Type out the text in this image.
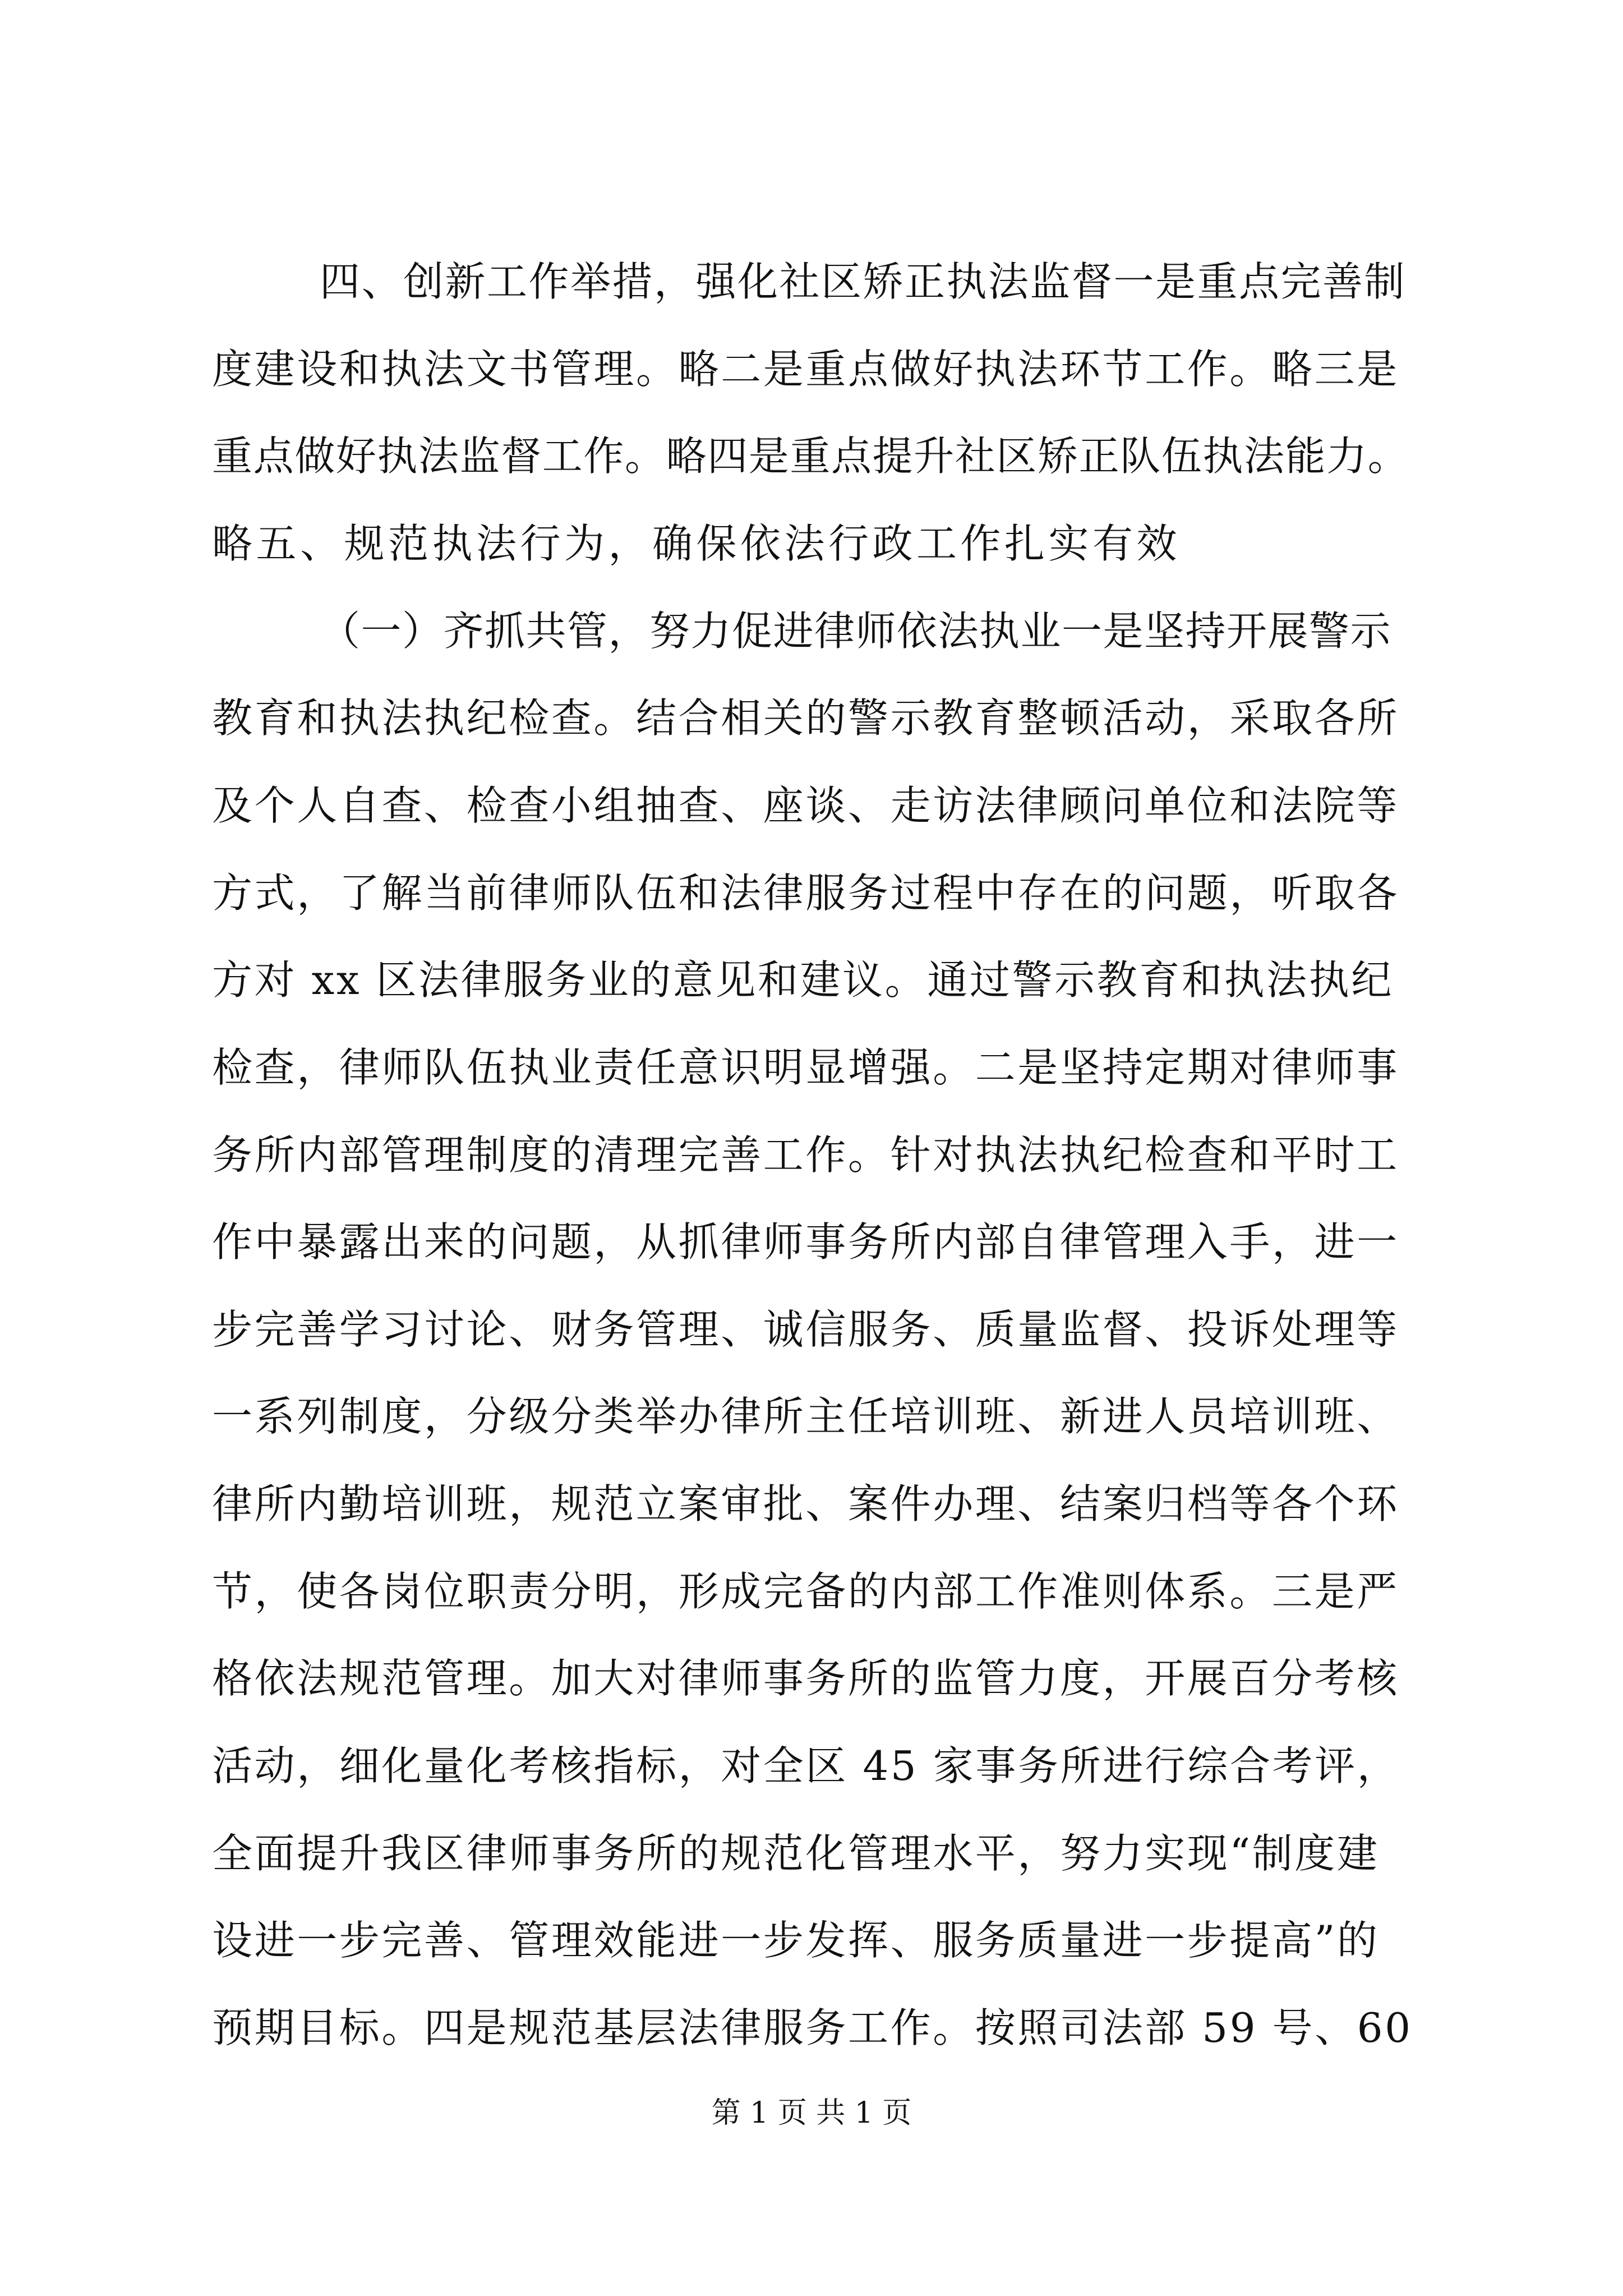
四、创新工作举措，强化社区矫正执法监督一是重点完善制
度建设和执法文书管理。略二是重点做好执法环节工作。略三是
重点做好执法监督工作。略四是重点提升社区矫正队伍执法能力。
略五、规范执法行为，确保依法行政工作扎实有效
（一）齐抓共管，努力促进律师依法执业一是坚持开展警示
教育和执法执纪检查。结合相关的警示教育整顿活动，采取各所
及个人自查、检查小组抽查、座谈、走访法律顾问单位和法院等
方式，了解当前律师队伍和法律服务过程中存在的问题，听取各
方对 xx 区法律服务业的意见和建议。通过警示教育和执法执纪
检查，律师队伍执业责任意识明显增强。二是坚持定期对律师事
务所内部管理制度的清理完善工作。针对执法执纪检查和平时工
作中暴露出来的问题，从抓律师事务所内部自律管理入手，进一
步完善学习讨论、财务管理、诚信服务、质量监督、投诉处理等
一系列制度，分级分类举办律所主任培训班、新进人员培训班、
律所内勤培训班，规范立案审批、案件办理、结案归档等各个环
节，使各岗位职责分明，形成完备的内部工作准则体系。三是严
格依法规范管理。加大对律师事务所的监管力度，开展百分考核
活动，细化量化考核指标，对全区 45 家事务所进行综合考评，
全面提升我区律师事务所的规范化管理水平，努力实现“制度建
设进一步完善、管理效能进一步发挥、服务质量进一步提高”的
预期目标。四是规范基层法律服务工作。按照司法部 59 号、60
第 1 页 共 1 页
